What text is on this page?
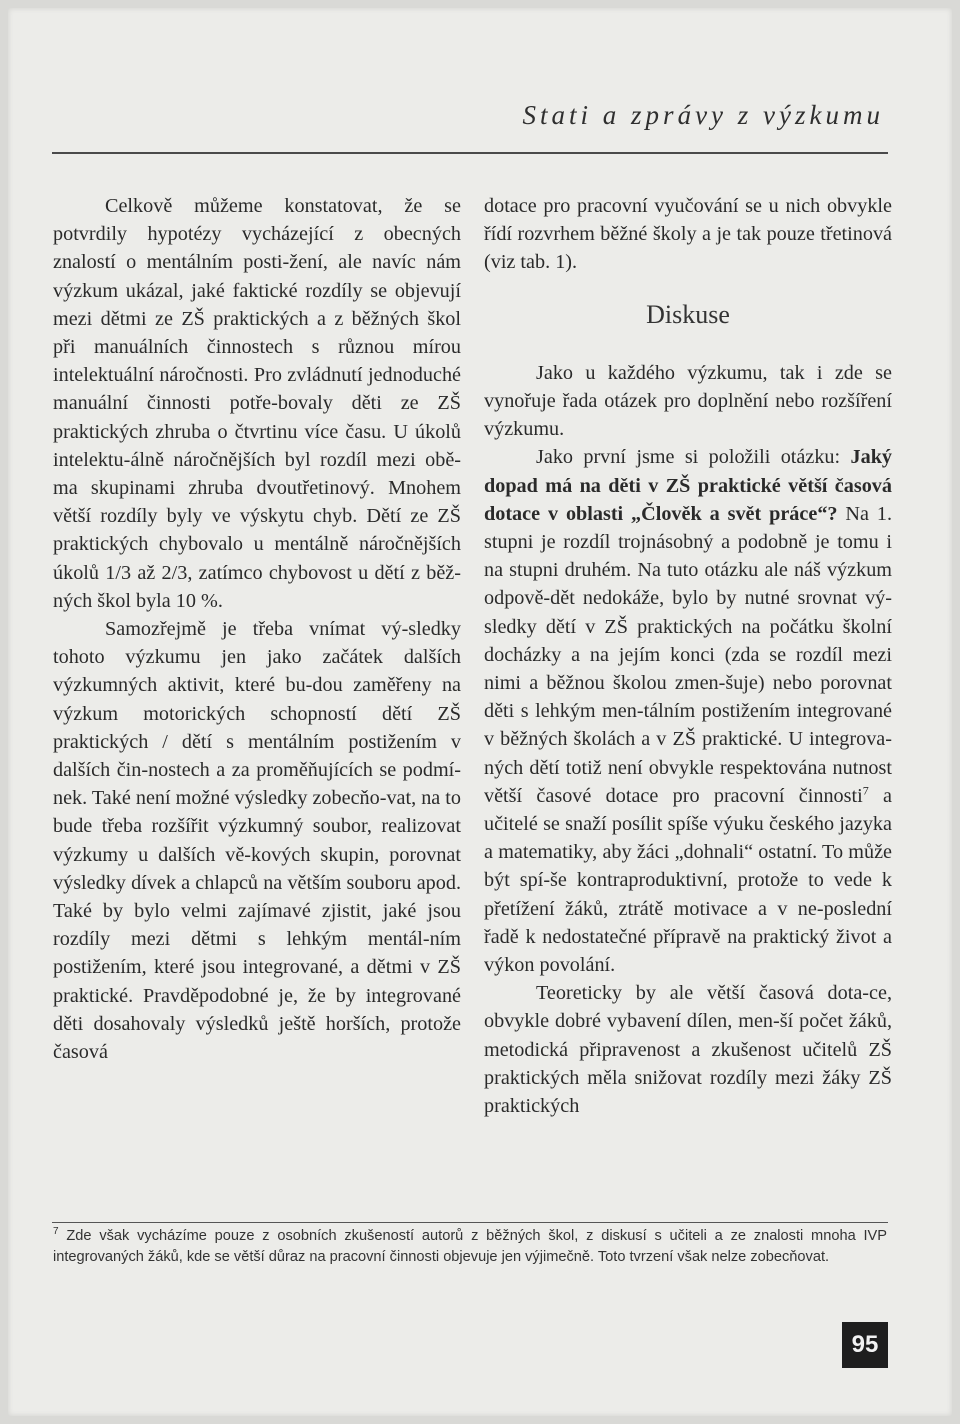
Stati a zprávy z výzkumu

Celkově můžeme konstatovat, že se potvrdily hypotézy vycházející z obecných znalostí o mentálním posti-žení, ale navíc nám výzkum ukázal, jaké faktické rozdíly se objevují mezi dětmi ze ZŠ praktických a z běžných škol při manuálních činnostech s různou mírou intelektuální náročnosti. Pro zvládnutí jednoduché manuální činnosti potře-bovaly děti ze ZŠ praktických zhruba o čtvrtinu více času. U úkolů intelektu-álně náročnějších byl rozdíl mezi obě-ma skupinami zhruba dvoutřetinový. Mnohem větší rozdíly byly ve výskytu chyb. Dětí ze ZŠ praktických chybovalo u mentálně náročnějších úkolů 1/3 až 2/3, zatímco chybovost u dětí z běž-ných škol byla 10 %.

Samozřejmě je třeba vnímat vý-sledky tohoto výzkumu jen jako začátek dalších výzkumných aktivit, které bu-dou zaměřeny na výzkum motorických schopností dětí ZŠ praktických / dětí s mentálním postižením v dalších čin-nostech a za proměňujících se podmí-nek. Také není možné výsledky zobecňo-vat, na to bude třeba rozšířit výzkumný soubor, realizovat výzkumy u dalších vě-kových skupin, porovnat výsledky dívek a chlapců na větším souboru apod. Také by bylo velmi zajímavé zjistit, jaké jsou rozdíly mezi dětmi s lehkým mentál-ním postižením, které jsou integrované, a dětmi v ZŠ praktické. Pravděpodobné je, že by integrované děti dosahovaly výsledků ještě horších, protože časová

dotace pro pracovní vyučování se u nich obvykle řídí rozvrhem běžné školy a je tak pouze třetinová (viz tab. 1).

Diskuse

Jako u každého výzkumu, tak i zde se vynořuje řada otázek pro doplnění nebo rozšíření výzkumu.

Jako první jsme si položili otázku: Jaký dopad má na děti v ZŠ praktické větší časová dotace v oblasti „Člověk a svět práce“? Na 1. stupni je rozdíl trojnásobný a podobně je tomu i na stupni druhém. Na tuto otázku ale náš výzkum odpově-dět nedokáže, bylo by nutné srovnat vý-sledky dětí v ZŠ praktických na počátku školní docházky a na jejím konci (zda se rozdíl mezi nimi a běžnou školou zmen-šuje) nebo porovnat děti s lehkým men-tálním postižením integrované v běžných školách a v ZŠ praktické. U integrova-ných dětí totiž není obvykle respektována nutnost větší časové dotace pro pracovní činnosti$^7$ a učitelé se snaží posílit spíše výuku českého jazyka a matematiky, aby žáci „dohnali“ ostatní. To může být spí-še kontraproduktivní, protože to vede k přetížení žáků, ztrátě motivace a v ne-poslední řadě k nedostatečné přípravě na praktický život a výkon povolání.

Teoreticky by ale větší časová dota-ce, obvykle dobré vybavení dílen, men-ší počet žáků, metodická připravenost a zkušenost učitelů ZŠ praktických měla snižovat rozdíly mezi žáky ZŠ praktických

$^7$ Zde však vycházíme pouze z osobních zkušeností autorů z běžných škol, z diskusí s učiteli a ze znalosti mnoha IVP integrovaných žáků, kde se větší důraz na pracovní činnosti objevuje jen výjimečně. Toto tvrzení však nelze zobecňovat.
95
